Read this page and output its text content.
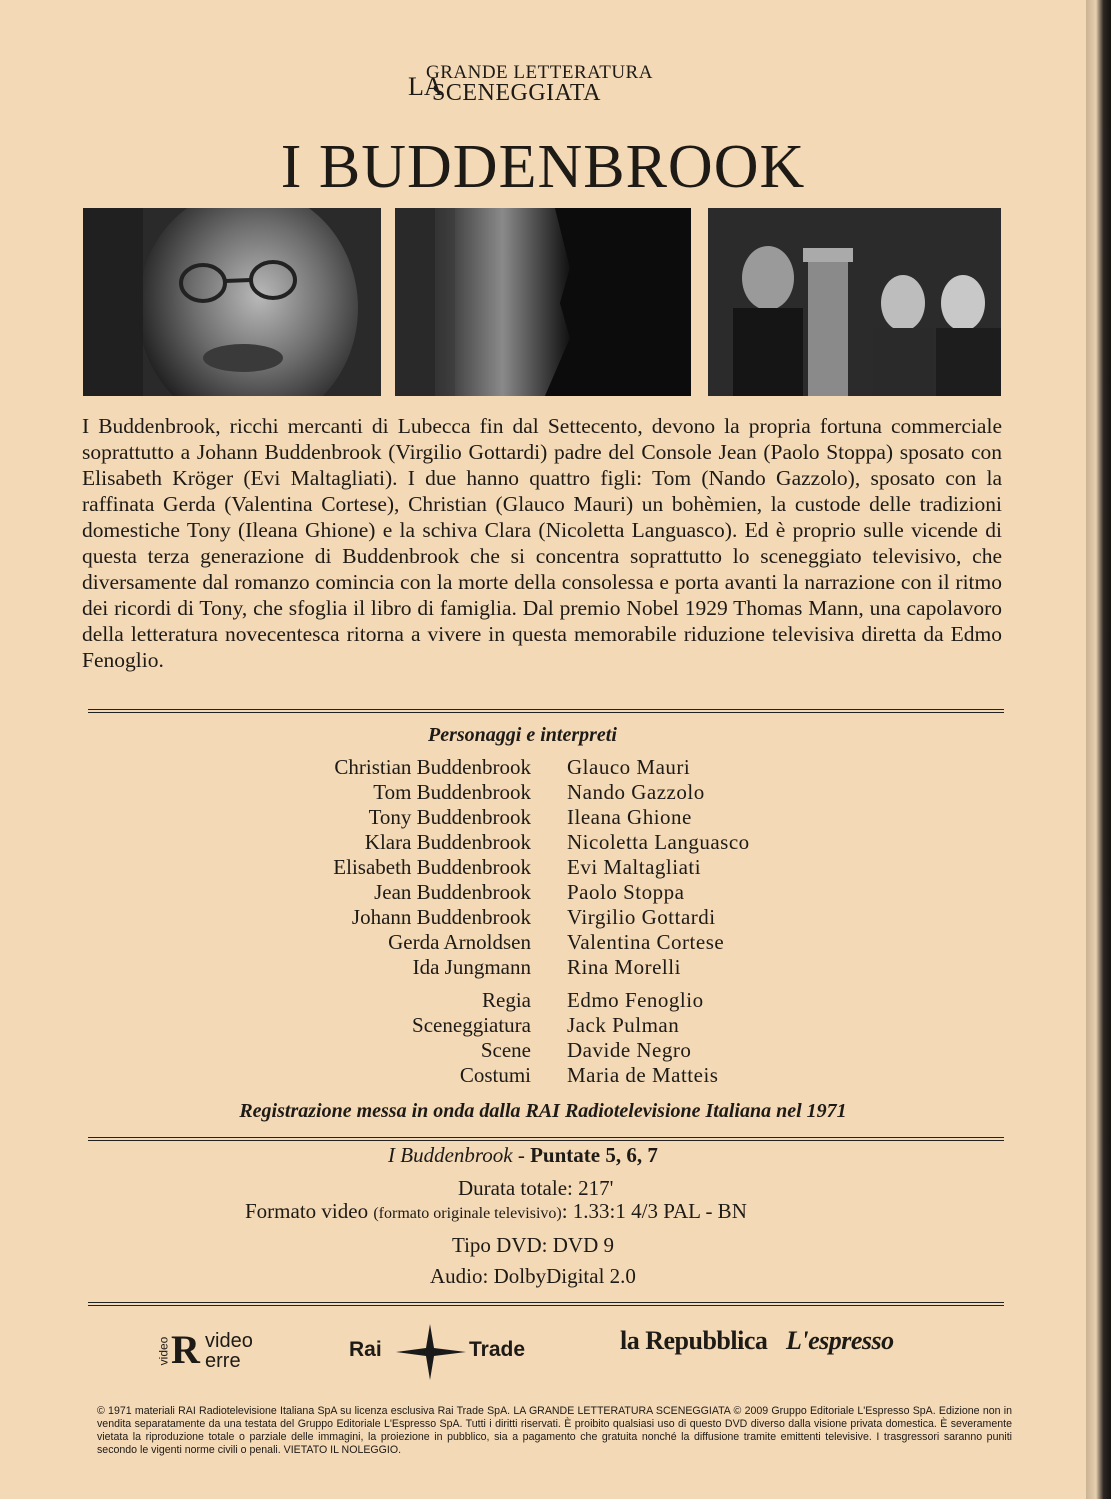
LA
GRANDE LETTERATURA
SCENEGGIATA
I BUDDENBROOK

I Buddenbrook, ricchi mercanti di Lubecca fin dal Settecento, devono la propria fortuna commerciale soprattutto a Johann Buddenbrook (Virgilio Gottardi) padre del Console Jean (Paolo Stoppa) sposato con Elisabeth Kröger (Evi Maltagliati). I due hanno quattro figli: Tom (Nando Gazzolo), sposato con la raffinata Gerda (Valentina Cortese), Christian (Glauco Mauri) un bohèmien, la custode delle tradizioni domestiche Tony (Ileana Ghione) e la schiva Clara (Nicoletta Languasco). Ed è proprio sulle vicende di questa terza generazione di Buddenbrook che si concentra soprattutto lo sceneggiato televisivo, che diversamente dal romanzo comincia con la morte della consolessa e porta avanti la narrazione con il ritmo dei ricordi di Tony, che sfoglia il libro di famiglia. Dal premio Nobel 1929 Thomas Mann, una capolavoro della letteratura novecentesca ritorna a vivere in questa memorabile riduzione televisiva diretta da Edmo Fenoglio.

Personaggi e interpreti
Christian Buddenbrook Glauco Mauri
Tom Buddenbrook Nando Gazzolo
Tony Buddenbrook Ileana Ghione
Klara Buddenbrook Nicoletta Languasco
Elisabeth Buddenbrook Evi Maltagliati
Jean Buddenbrook Paolo Stoppa
Johann Buddenbrook Virgilio Gottardi
Gerda Arnoldsen Valentina Cortese
Ida Jungmann Rina Morelli
Regia Edmo Fenoglio
Sceneggiatura Jack Pulman
Scene Davide Negro
Costumi Maria de Matteis
Registrazione messa in onda dalla RAI Radiotelevisione Italiana nel 1971
I Buddenbrook - Puntate 5, 6, 7
Durata totale: 217'
Formato video (formato originale televisivo): 1.33:1 4/3 PAL - BN
Tipo DVD: DVD 9
Audio: DolbyDigital 2.0
video R video
erre	Rai	Trade	la Repubblica L'espresso

© 1971 materiali RAI Radiotelevisione Italiana SpA su licenza esclusiva Rai Trade SpA. LA GRANDE LETTERATURA SCENEGGIATA © 2009 Gruppo Editoriale L'Espresso SpA. Edizione non in vendita separatamente da una testata del Gruppo Editoriale L'Espresso SpA. Tutti i diritti riservati. È proibito qualsiasi uso di questo DVD diverso dalla visione privata domestica. È severamente vietata la riproduzione totale o parziale delle immagini, la proiezione in pubblico, sia a pagamento che gratuita nonché la diffusione tramite emittenti televisive. I trasgressori saranno puniti secondo le vigenti norme civili o penali. VIETATO IL NOLEGGIO.
